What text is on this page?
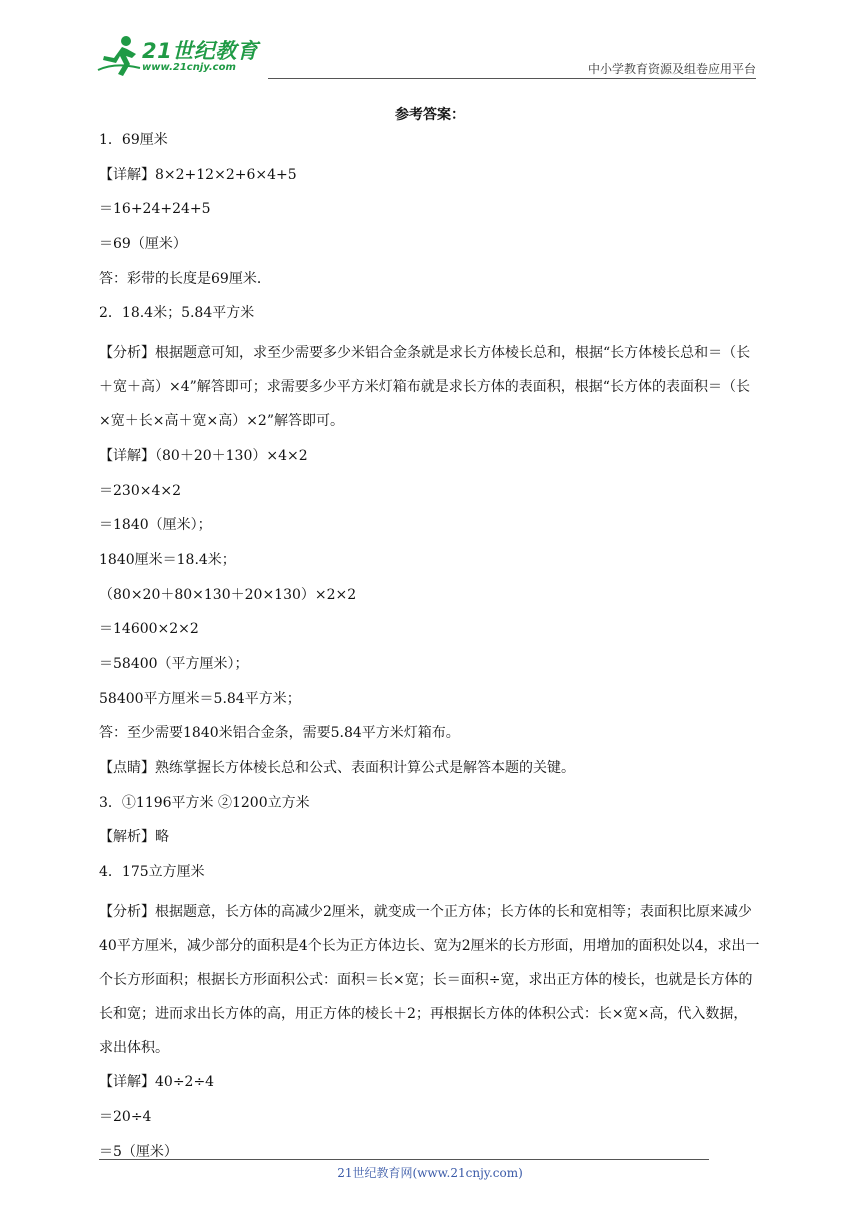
21世纪教育
www.21cnjy.com	中小学教育资源及组卷应用平台
参考答案：
1．69厘米
【详解】8×2+12×2+6×4+5
＝16+24+24+5
＝69（厘米）
答：彩带的长度是69厘米．
2．18.4米；5.84平方米
【分析】根据题意可知，求至少需要多少米铝合金条就是求长方体棱长总和，根据“长方体棱长总和＝（长＋宽＋高）×4”解答即可；求需要多少平方米灯箱布就是求长方体的表面积，根据“长方体的表面积＝（长×宽＋长×高＋宽×高）×2”解答即可。
【详解】（80＋20＋130）×4×2
＝230×4×2
＝1840（厘米）；
1840厘米＝18.4米；
（80×20＋80×130＋20×130）×2×2
＝14600×2×2
＝58400（平方厘米）；
58400平方厘米＝5.84平方米；
答：至少需要1840米铝合金条，需要5.84平方米灯箱布。
【点睛】熟练掌握长方体棱长总和公式、表面积计算公式是解答本题的关键。
3．①1196平方米 ②1200立方米
【解析】略
4．175立方厘米
【分析】根据题意，长方体的高减少2厘米，就变成一个正方体；长方体的长和宽相等；表面积比原来减少40平方厘米，减少部分的面积是4个长为正方体边长、宽为2厘米的长方形面，用增加的面积处以4，求出一个长方形面积；根据长方形面积公式：面积＝长×宽；长＝面积÷宽，求出正方体的棱长，也就是长方体的长和宽；进而求出长方体的高，用正方体的棱长＋2；再根据长方体的体积公式：长×宽×高，代入数据，求出体积。
【详解】40÷2÷4
＝20÷4
＝5（厘米）
21世纪教育网(www.21cnjy.com)
